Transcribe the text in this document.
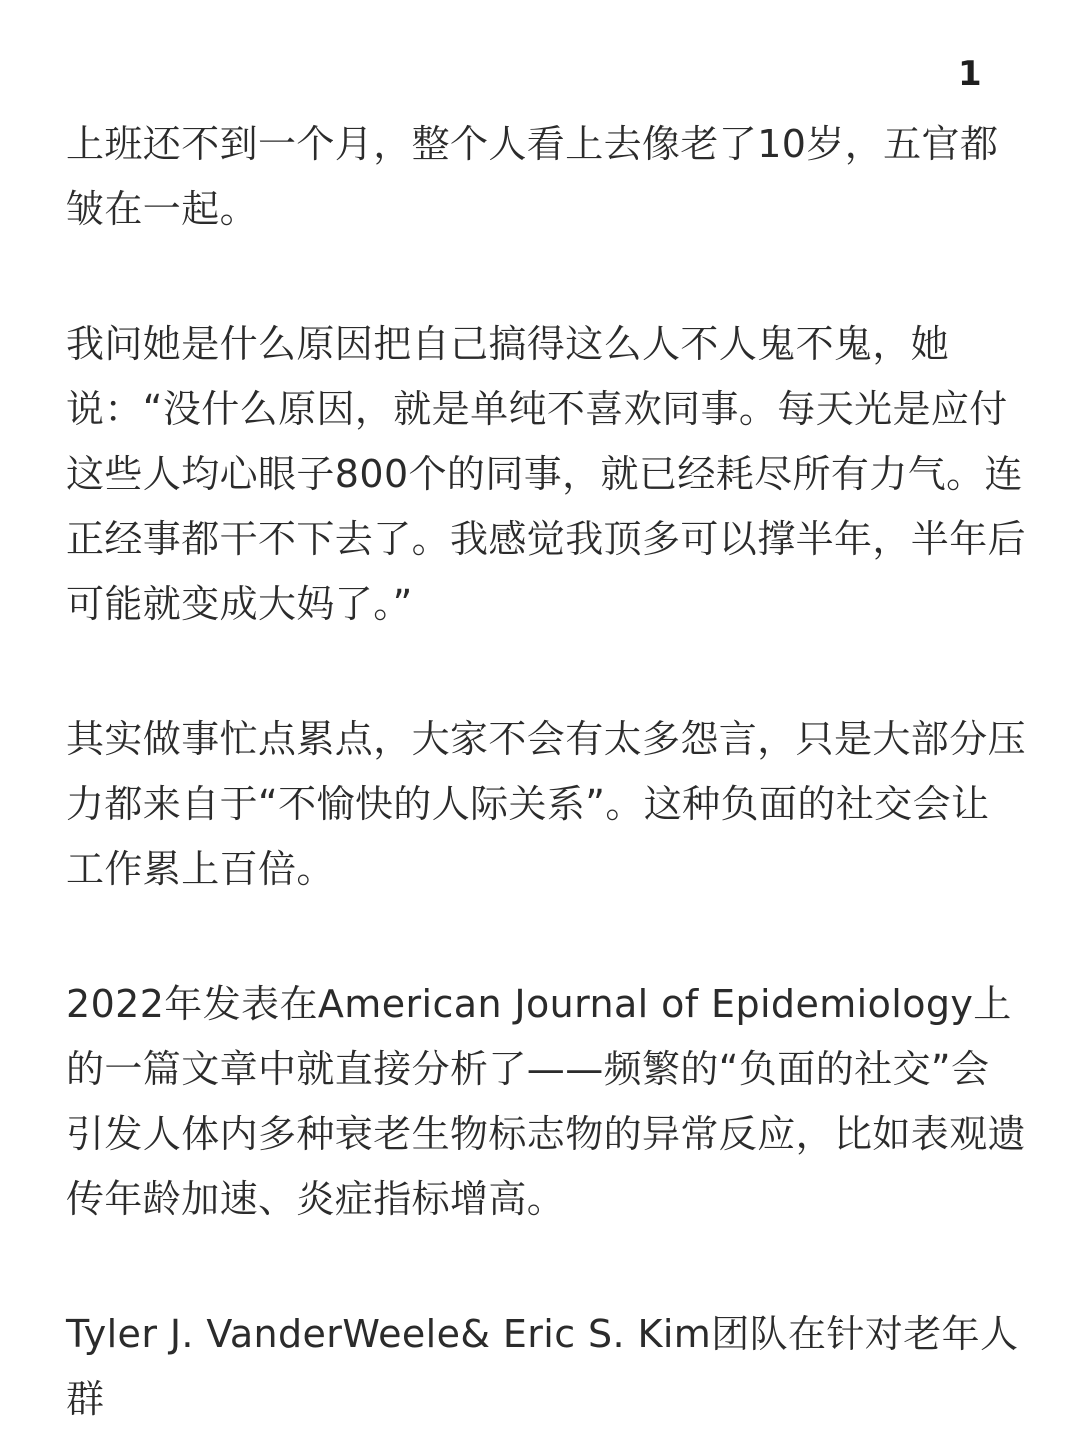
1

上班还不到一个月，整个人看上去像老了10岁，五官都皱在一起。

我问她是什么原因把自己搞得这么人不人鬼不鬼，她说：“没什么原因，就是单纯不喜欢同事。每天光是应付这些人均心眼子800个的同事，就已经耗尽所有力气。连正经事都干不下去了。我感觉我顶多可以撑半年，半年后可能就变成大妈了。”

其实做事忙点累点，大家不会有太多怨言，只是大部分压力都来自于“不愉快的人际关系”。这种负面的社交会让工作累上百倍。

2022年发表在American Journal of Epidemiology上的一篇文章中就直接分析了——频繁的“负面的社交”会引发人体内多种衰老生物标志物的异常反应，比如表观遗传年龄加速、炎症指标增高。

Tyler J. VanderWeele& Eric S. Kim团队在针对老年人群
